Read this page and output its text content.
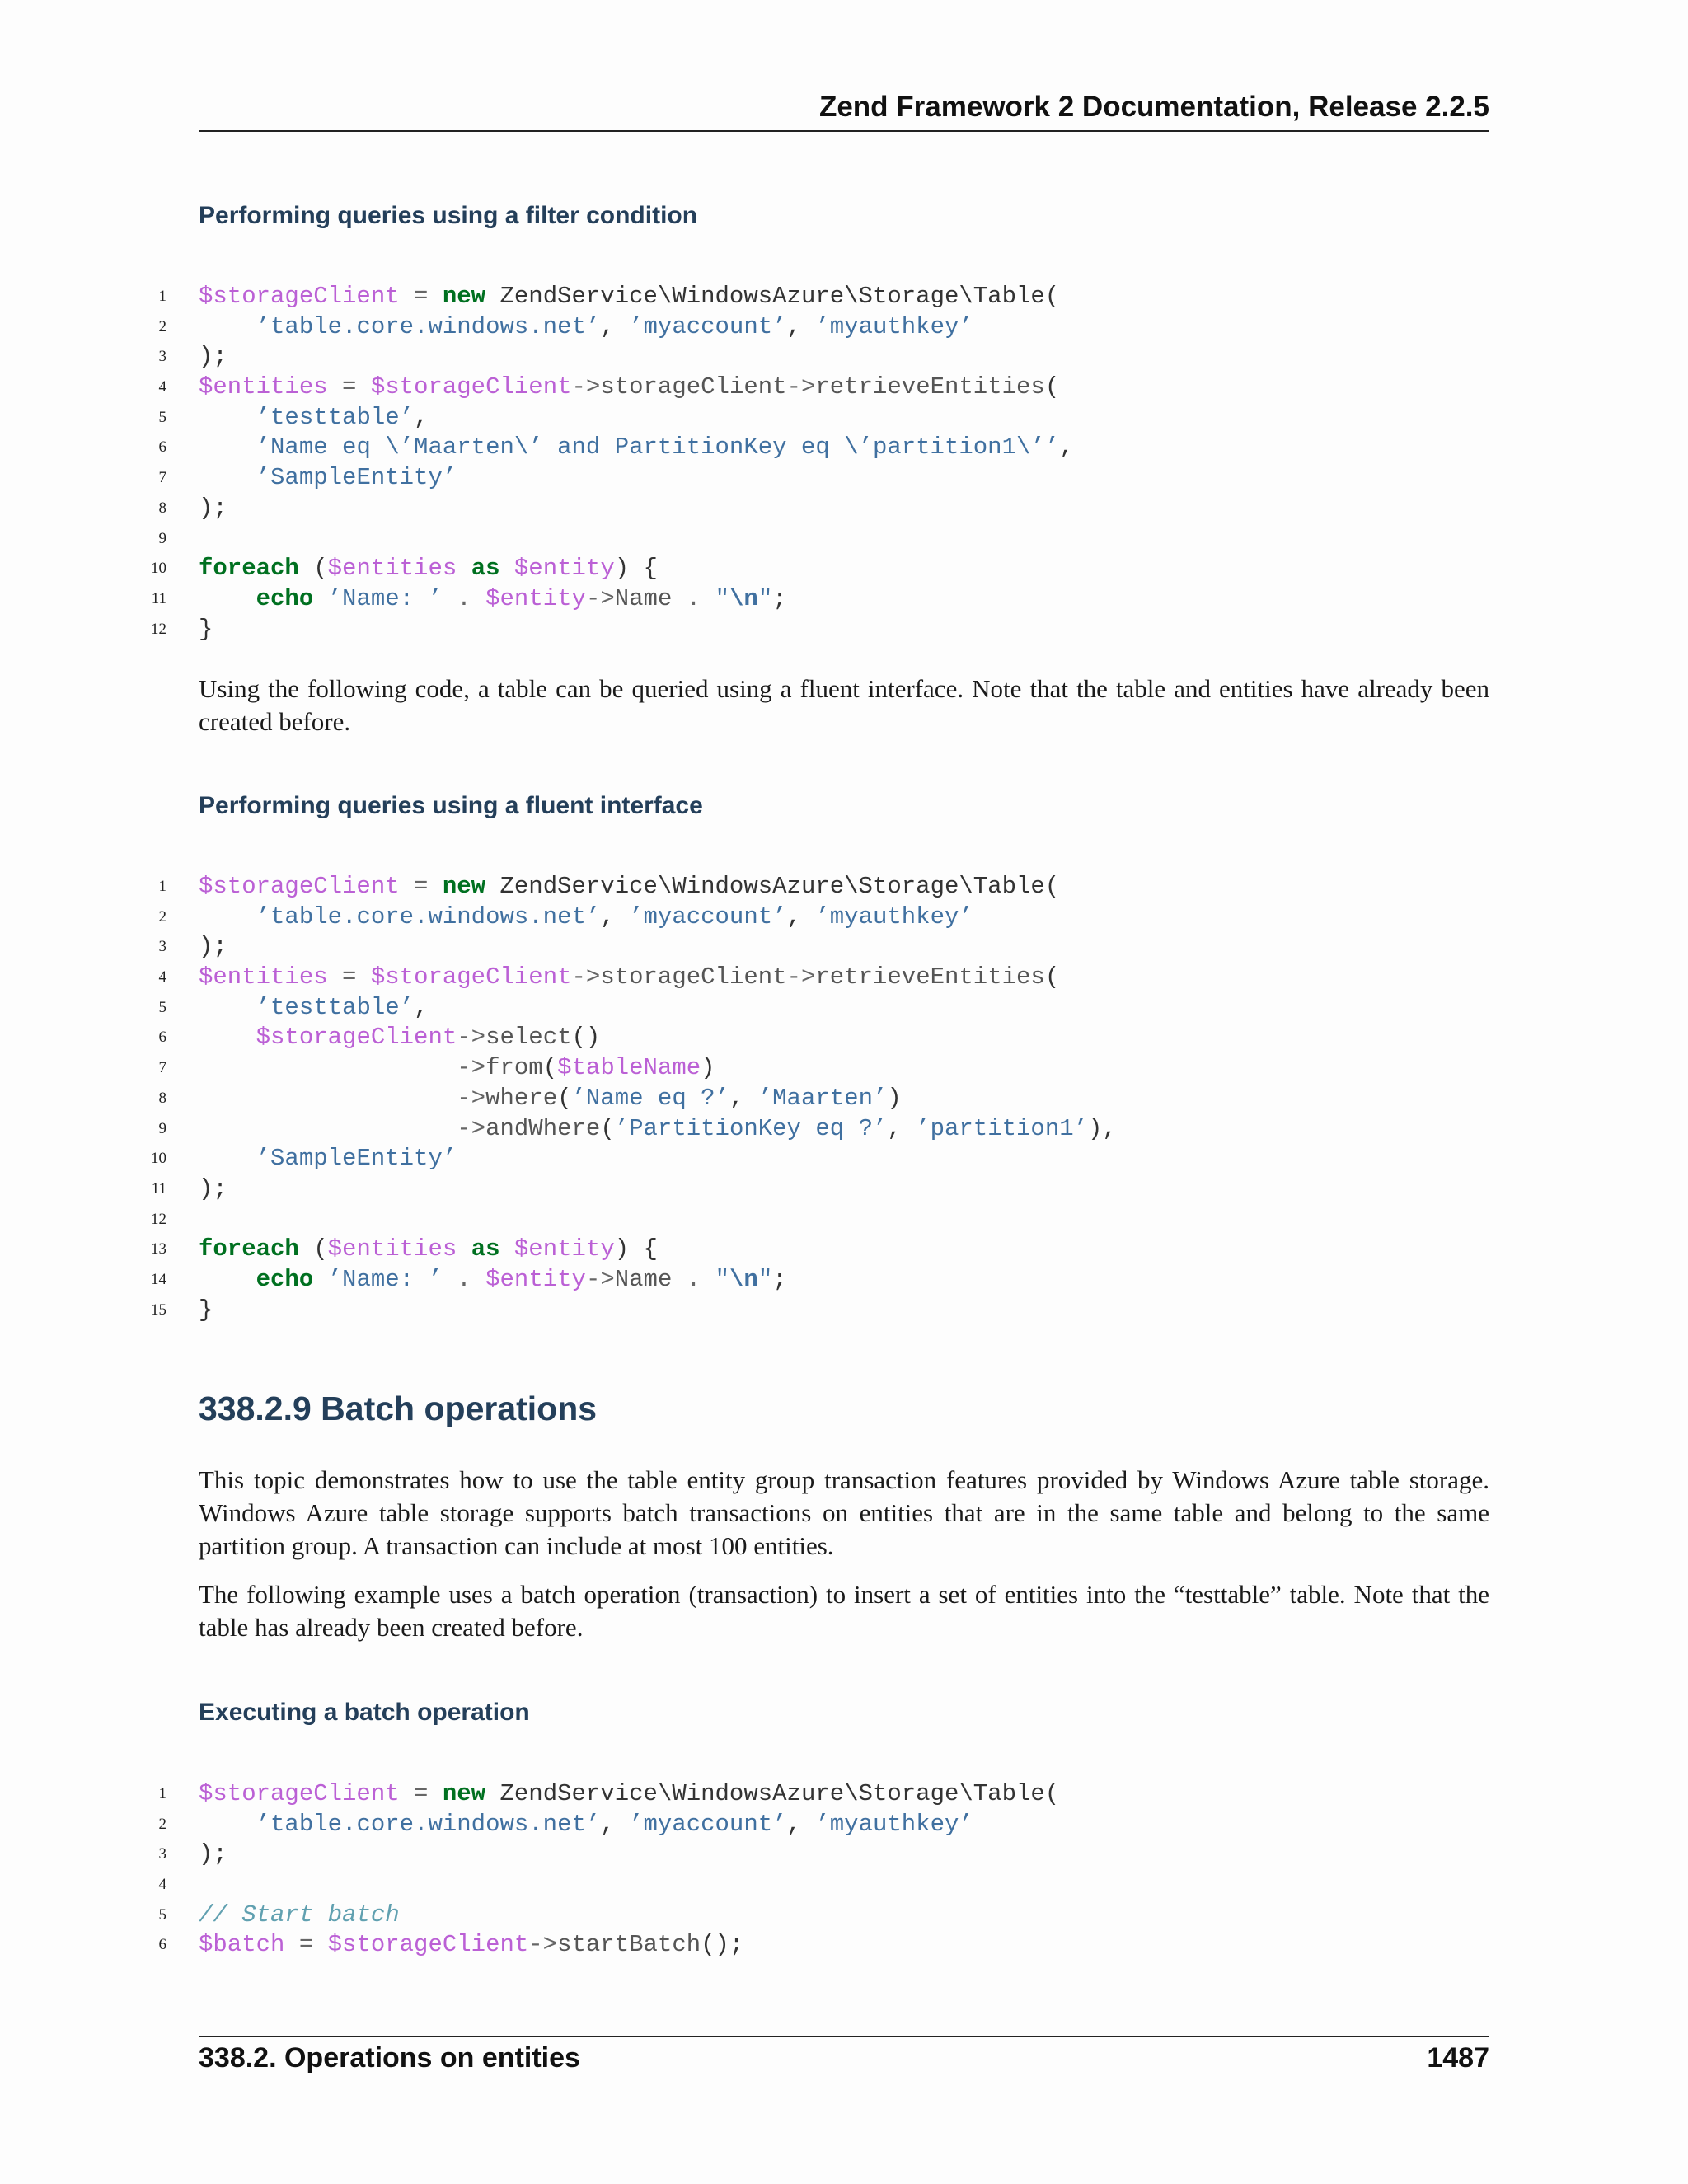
Zend Framework 2 Documentation, Release 2.2.5
Performing queries using a filter condition
1 $storageClient = new ZendService\WindowsAzure\Storage\Table(
2	’table.core.windows.net’, ’myaccount’, ’myauthkey’
3 );
4 $entities = $storageClient->storageClient->retrieveEntities(
5	’testtable’,
6	’Name eq \’Maarten\’ and PartitionKey eq \’partition1\’’,
7	’SampleEntity’
8 );
9
10 foreach ($entities as $entity) {
11	echo ’Name: ’ . $entity->Name . "\n";
12 }
Using the following code, a table can be queried using a fluent interface. Note that the table and entities have already been created before.
Performing queries using a fluent interface
1 $storageClient = new ZendService\WindowsAzure\Storage\Table(
2	’table.core.windows.net’, ’myaccount’, ’myauthkey’
3 );
4 $entities = $storageClient->storageClient->retrieveEntities(
5	’testtable’,
6	$storageClient->select()
7	->from($tableName)
8	->where(’Name eq ?’, ’Maarten’)
9	->andWhere(’PartitionKey eq ?’, ’partition1’),
10	’SampleEntity’
11 );
12
13 foreach ($entities as $entity) {
14	echo ’Name: ’ . $entity->Name . "\n";
15 }
338.2.9 Batch operations
This topic demonstrates how to use the table entity group transaction features provided by Windows Azure table storage. Windows Azure table storage supports batch transactions on entities that are in the same table and belong to the same partition group. A transaction can include at most 100 entities.
The following example uses a batch operation (transaction) to insert a set of entities into the “testtable” table. Note that the table has already been created before.
Executing a batch operation
1 $storageClient = new ZendService\WindowsAzure\Storage\Table(
2	’table.core.windows.net’, ’myaccount’, ’myauthkey’
3 );
4
5 // Start batch
6 $batch = $storageClient->startBatch();
338.2. Operations on entities	1487
